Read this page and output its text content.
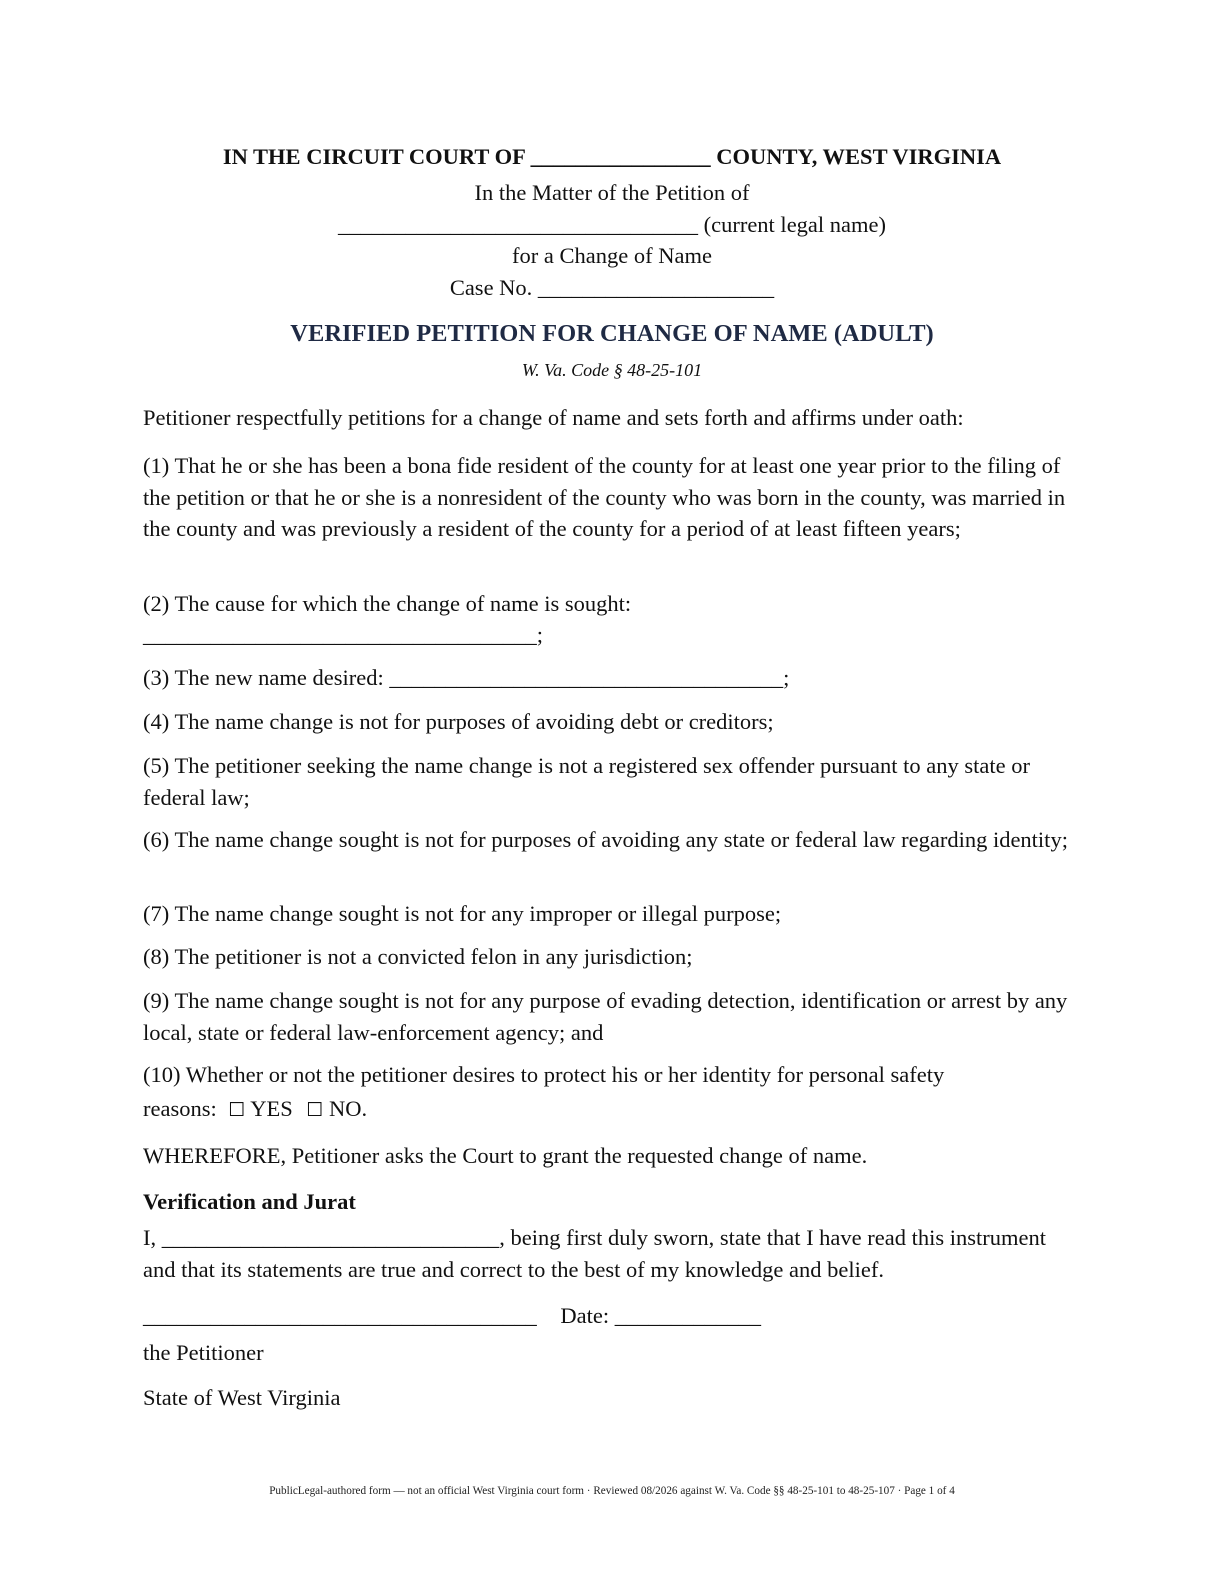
IN THE CIRCUIT COURT OF ________________ COUNTY, WEST VIRGINIA
In the Matter of the Petition of
________________________________ (current legal name)
for a Change of Name
Case No. _____________________
VERIFIED PETITION FOR CHANGE OF NAME (ADULT)
W. Va. Code § 48-25-101
Petitioner respectfully petitions for a change of name and sets forth and affirms under oath:
(1) That he or she has been a bona fide resident of the county for at least one year prior to the filing of the petition or that he or she is a nonresident of the county who was born in the county, was married in the county and was previously a resident of the county for a period of at least fifteen years;
(2) The cause for which the change of name is sought:
___________________________________;
(3) The new name desired: ___________________________________;
(4) The name change is not for purposes of avoiding debt or creditors;
(5) The petitioner seeking the name change is not a registered sex offender pursuant to any state or federal law;
(6) The name change sought is not for purposes of avoiding any state or federal law regarding identity;
(7) The name change sought is not for any improper or illegal purpose;
(8) The petitioner is not a convicted felon in any jurisdiction;
(9) The name change sought is not for any purpose of evading detection, identification or arrest by any local, state or federal law-enforcement agency; and
(10) Whether or not the petitioner desires to protect his or her identity for personal safety
reasons: ☐ YES ☐ NO.
WHEREFORE, Petitioner asks the Court to grant the requested change of name.
Verification and Jurat
I, ______________________________, being first duly sworn, state that I have read this instrument and that its statements are true and correct to the best of my knowledge and belief.
___________________________________ Date: _____________
the Petitioner
State of West Virginia
PublicLegal-authored form — not an official West Virginia court form · Reviewed 08/2026 against W. Va. Code §§ 48-25-101 to 48-25-107 · Page 1 of 4
